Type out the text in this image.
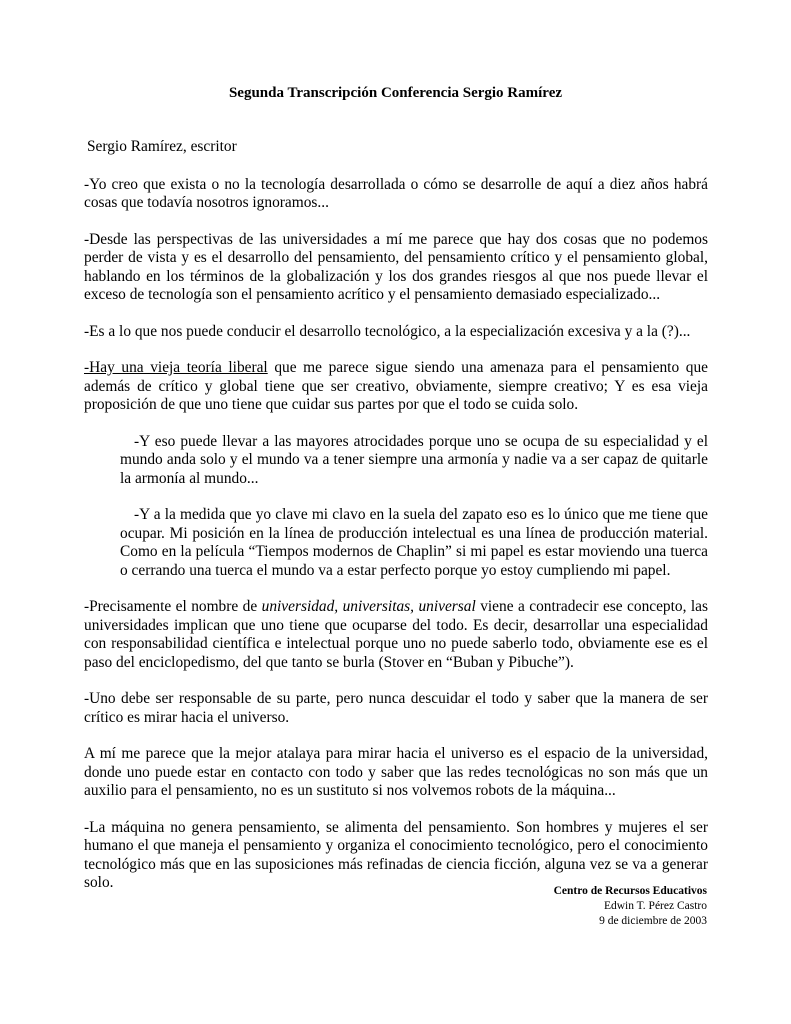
Segunda Transcripción Conferencia Sergio Ramírez

Sergio Ramírez, escritor

-Yo creo que exista o no la tecnología desarrollada o cómo se desarrolle de aquí a diez años habrá cosas que todavía nosotros ignoramos...

-Desde las perspectivas de las universidades a mí me parece que hay dos cosas que no podemos perder de vista y es el desarrollo del pensamiento, del pensamiento crítico y el pensamiento global, hablando en los términos de la globalización y los dos grandes riesgos al que nos puede llevar el exceso de tecnología son el pensamiento acrítico y el pensamiento demasiado especializado...

-Es a lo que nos puede conducir el desarrollo tecnológico, a la especialización excesiva y a la (?)...

-Hay una vieja teoría liberal que me parece sigue siendo una amenaza para el pensamiento que además de crítico y global tiene que ser creativo, obviamente, siempre creativo; Y es esa vieja proposición de que uno tiene que cuidar sus partes por que el todo se cuida solo.

-Y eso puede llevar a las mayores atrocidades porque uno se ocupa de su especialidad y el mundo anda solo y el mundo va a tener siempre una armonía y nadie va a ser capaz de quitarle la armonía al mundo...

-Y a la medida que yo clave mi clavo en la suela del zapato eso es lo único que me tiene que ocupar. Mi posición en la línea de producción intelectual es una línea de producción material. Como en la película “Tiempos modernos de Chaplin” si mi papel es estar moviendo una tuerca o cerrando una tuerca el mundo va a estar perfecto porque yo estoy cumpliendo mi papel.

-Precisamente el nombre de universidad, universitas, universal viene a contradecir ese concepto, las universidades implican que uno tiene que ocuparse del todo. Es decir, desarrollar una especialidad con responsabilidad científica e intelectual porque uno no puede saberlo todo, obviamente ese es el paso del enciclopedismo, del que tanto se burla (Stover en “Buban y Pibuche”).

-Uno debe ser responsable de su parte, pero nunca descuidar el todo y saber que la manera de ser crítico es mirar hacia el universo.

A mí me parece que la mejor atalaya para mirar hacia el universo es el espacio de la universidad, donde uno puede estar en contacto con todo y saber que las redes tecnológicas no son más que un auxilio para el pensamiento, no es un sustituto si nos volvemos robots de la máquina...

-La máquina no genera pensamiento, se alimenta del pensamiento. Son hombres y mujeres el ser humano el que maneja el pensamiento y organiza el conocimiento tecnológico, pero el conocimiento tecnológico más que en las suposiciones más refinadas de ciencia ficción, alguna vez se va a generar solo.	Centro de Recursos Educativos
Edwin T. Pérez Castro
9 de diciembre de 2003
